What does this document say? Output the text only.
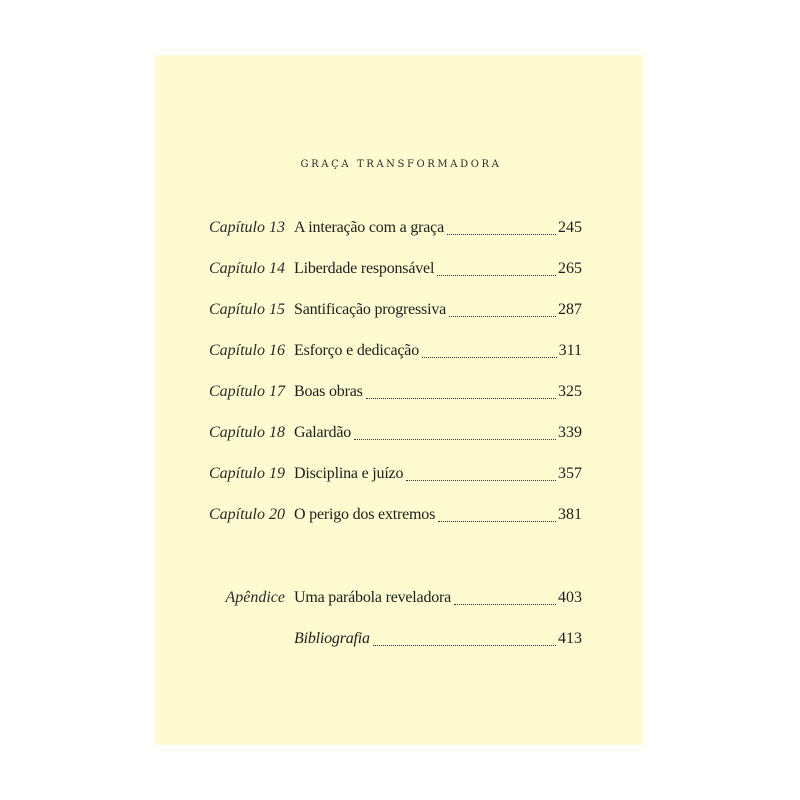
GRAÇA TRANSFORMADORA
Capítulo 13 A interação com a graça	245
Capítulo 14 Liberdade responsável	265
Capítulo 15 Santificação progressiva	287
Capítulo 16 Esforço e dedicação	311
Capítulo 17 Boas obras	325
Capítulo 18 Galardão	339
Capítulo 19 Disciplina e juízo	357
Capítulo 20 O perigo dos extremos	381
Apêndice Uma parábola reveladora	403
Bibliografia	413
